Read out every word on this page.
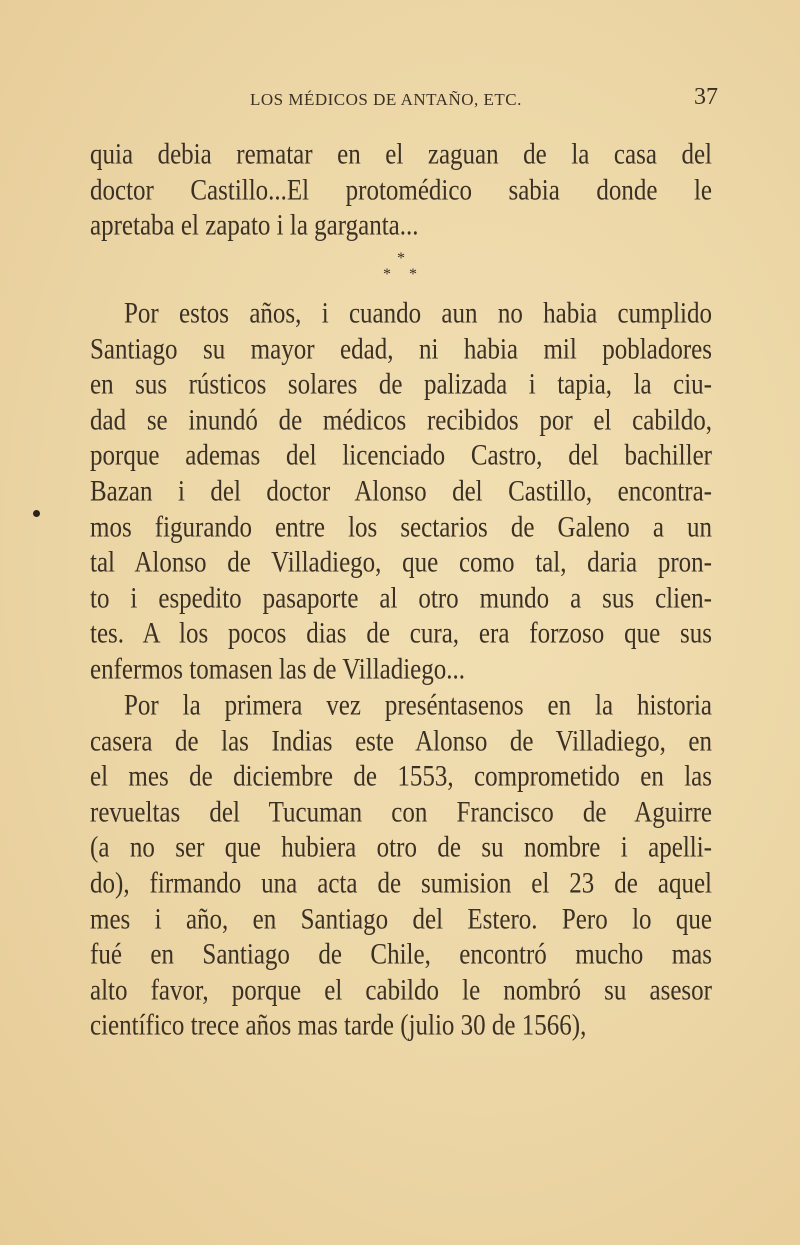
LOS MÉDICOS DE ANTAÑO, ETC.	37
quia debia rematar en el zaguan de la casa del
doctor Castillo...El protomédico sabia donde le
apretaba el zapato i la garganta...
*
* *
Por estos años, i cuando aun no habia cumplido
Santiago su mayor edad, ni habia mil pobladores
en sus rústicos solares de palizada i tapia, la ciu-
dad se inundó de médicos recibidos por el cabildo,
porque ademas del licenciado Castro, del bachiller
Bazan i del doctor Alonso del Castillo, encontra-
mos figurando entre los sectarios de Galeno a un
tal Alonso de Villadiego, que como tal, daria pron-
to i espedito pasaporte al otro mundo a sus clien-
tes. A los pocos dias de cura, era forzoso que sus
enfermos tomasen las de Villadiego...
Por la primera vez preséntasenos en la historia
casera de las Indias este Alonso de Villadiego, en
el mes de diciembre de 1553, comprometido en las
revueltas del Tucuman con Francisco de Aguirre
(a no ser que hubiera otro de su nombre i apelli-
do), firmando una acta de sumision el 23 de aquel
mes i año, en Santiago del Estero. Pero lo que
fué en Santiago de Chile, encontró mucho mas
alto favor, porque el cabildo le nombró su asesor
científico trece años mas tarde (julio 30 de 1566),
